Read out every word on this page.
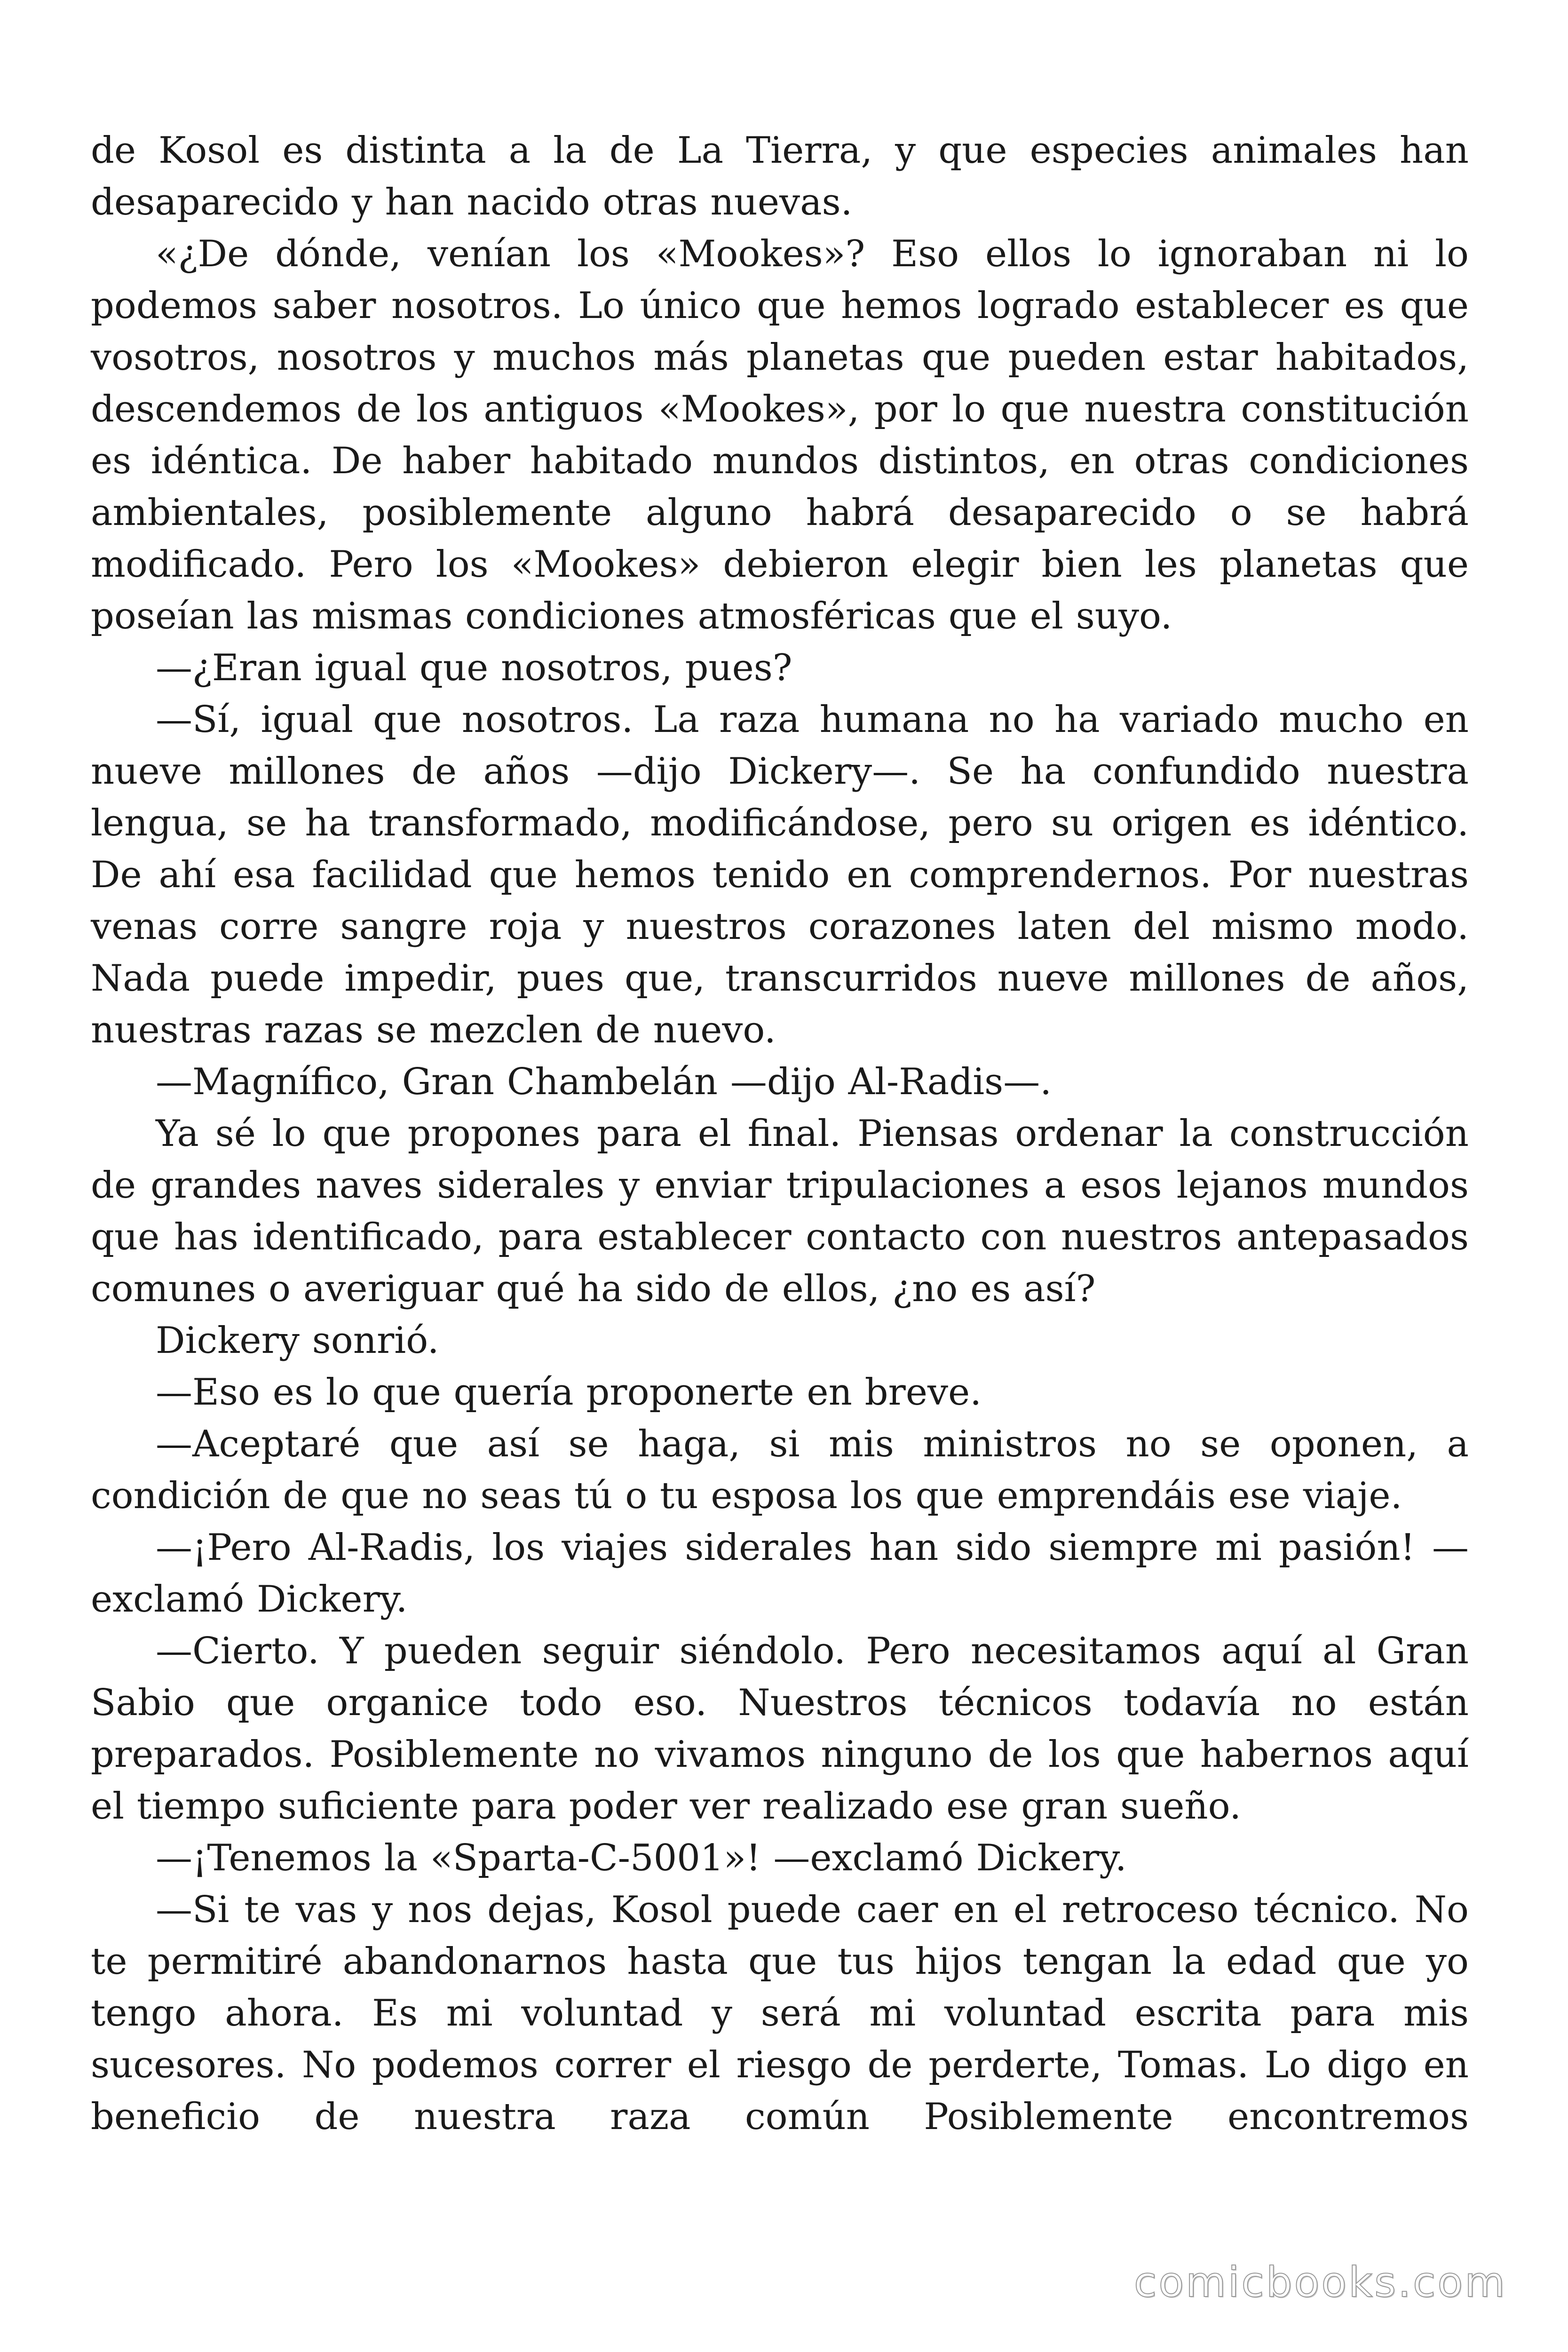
de Kosol es distinta a la de La Tierra, y que especies animales han desaparecido y han nacido otras nuevas.

«¿De dónde, venían los «Mookes»? Eso ellos lo ignoraban ni lo podemos saber nosotros. Lo único que hemos logrado establecer es que vosotros, nosotros y muchos más planetas que pueden estar habitados, descendemos de los antiguos «Mookes», por lo que nuestra constitución es idéntica. De haber habitado mundos distintos, en otras condiciones ambientales, posiblemente alguno habrá desaparecido o se habrá modificado. Pero los «Mookes» debieron elegir bien les planetas que poseían las mismas condiciones atmosféricas que el suyo.

—¿Eran igual que nosotros, pues?

—Sí, igual que nosotros. La raza humana no ha variado mucho en nueve millones de años —dijo Dickery—. Se ha confundido nuestra lengua, se ha transformado, modificándose, pero su origen es idéntico. De ahí esa facilidad que hemos tenido en comprendernos. Por nuestras venas corre sangre roja y nuestros corazones laten del mismo modo. Nada puede impedir, pues que, transcurridos nueve millones de años, nuestras razas se mezclen de nuevo.

—Magnífico, Gran Chambelán —dijo Al-Radis—.

Ya sé lo que propones para el final. Piensas ordenar la construcción de grandes naves siderales y enviar tripulaciones a esos lejanos mundos que has identificado, para establecer contacto con nuestros antepasados comunes o averiguar qué ha sido de ellos, ¿no es así?

Dickery sonrió.

—Eso es lo que quería proponerte en breve.

—Aceptaré que así se haga, si mis ministros no se oponen, a condición de que no seas tú o tu esposa los que emprendáis ese viaje.

—¡Pero Al-Radis, los viajes siderales han sido siempre mi pasión! —exclamó Dickery.

—Cierto. Y pueden seguir siéndolo. Pero necesitamos aquí al Gran Sabio que organice todo eso. Nuestros técnicos todavía no están preparados. Posiblemente no vivamos ninguno de los que habernos aquí el tiempo suficiente para poder ver realizado ese gran sueño.

—¡Tenemos la «Sparta-C-5001»! —exclamó Dickery.

—Si te vas y nos dejas, Kosol puede caer en el retroceso técnico. No te permitiré abandonarnos hasta que tus hijos tengan la edad que yo tengo ahora. Es mi voluntad y será mi voluntad escrita para mis sucesores. No podemos correr el riesgo de perderte, Tomas. Lo digo en beneficio de nuestra raza común Posiblemente encontremos

comicbooks.com
